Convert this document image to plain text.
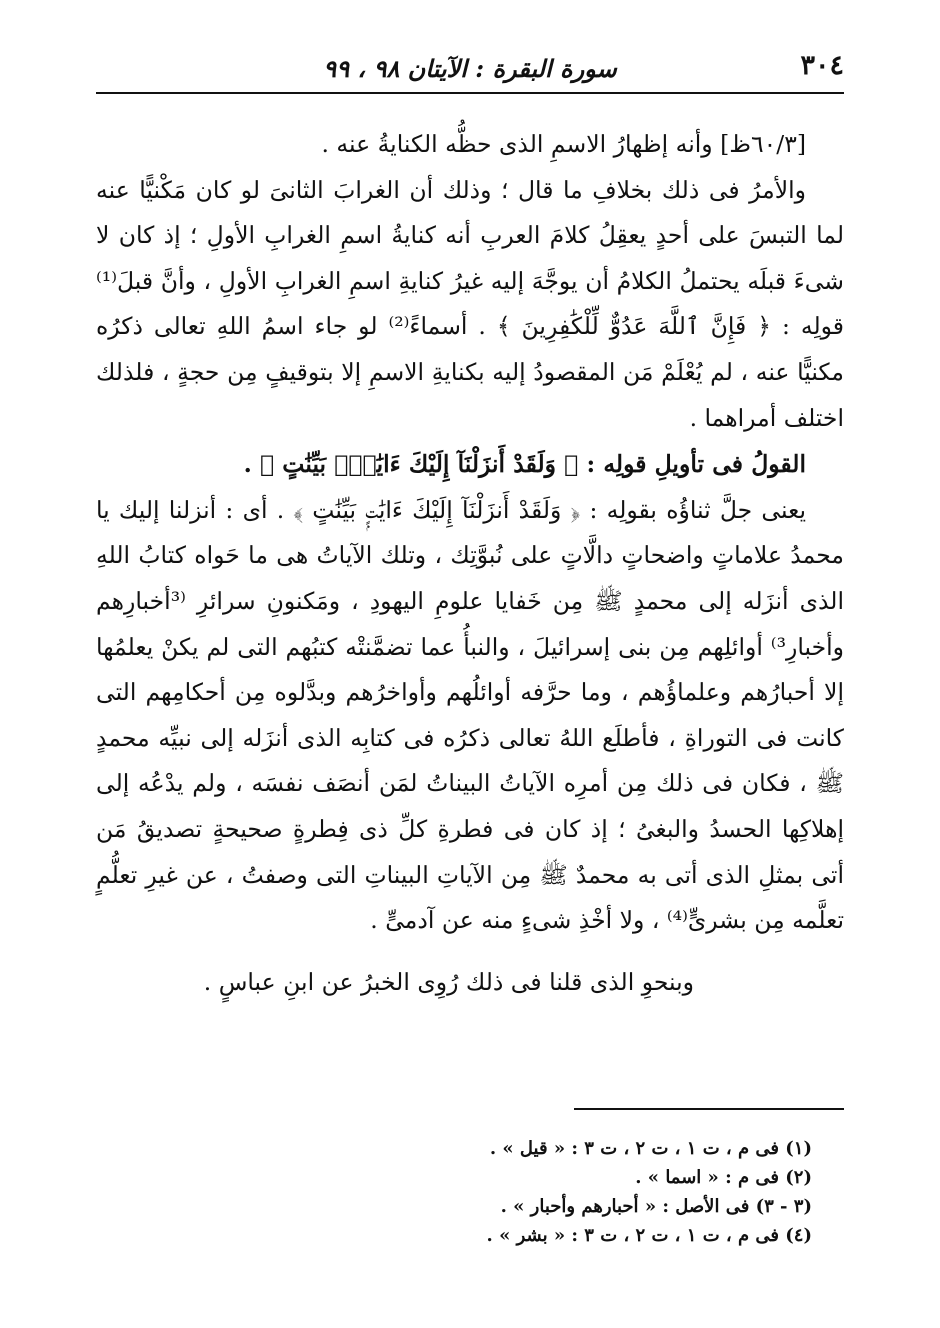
٣٠٤
سورة البقرة : الآيتان ٩٨ ، ٩٩

[٦٠/٣ظ] وأنه إظهارُ الاسمِ الذى حظُّه الكنايةُ عنه .

والأمرُ فى ذلك بخلافِ ما قال ؛ وذلك أن الغرابَ الثانىَ لو كان مَكْنيًّا عنه لما التبسَ على أحدٍ يعقِلُ كلامَ العربِ أنه كنايةُ اسمِ الغرابِ الأولِ ؛ إذ كان لا شىءَ قبلَه يحتملُ الكلامُ أن يوجَّهَ إليه غيرُ كنايةِ اسمِ الغرابِ الأولِ ، وأنَّ قبلَ⁽¹⁾ قولِه : ﴿ فَإِنَّ ٱللَّهَ عَدُوٌّ لِّلْكَٰفِرِينَ ﴾ . أسماءً⁽²⁾ لو جاء اسمُ اللهِ تعالى ذكرُه مكنيًّا عنه ، لم يُعْلَمْ مَن المقصودُ إليه بكنايةِ الاسمِ إلا بتوقيفٍ مِن حجةٍ ، فلذلك اختلف أمراهما .

القولُ فى تأويلِ قولِه : ﴿ وَلَقَدْ أَنزَلْنَآ إِلَيْكَ ءَايَٰتٍۭ بَيِّنَٰتٍ ﴾ .

يعنى جلَّ ثناؤُه بقولِه : ﴿ وَلَقَدْ أَنزَلْنَآ إِلَيْكَ ءَايَٰتٍۭ بَيِّنَٰتٍ ﴾ . أى : أنزلنا إليك يا محمدُ علاماتٍ واضحاتٍ دالَّاتٍ على نُبوَّتِك ، وتلك الآياتُ هى ما حَواه كتابُ اللهِ الذى أنزَله إلى محمدٍ ﷺ مِن خَفايا علومِ اليهودِ ، ومَكنونِ سرائرِ ⁽³أخبارِهم وأخبارِ³⁾ أوائلِهم مِن بنى إسرائيلَ ، والنبأُ عما تضمَّنتْه كتبُهم التى لم يكنْ يعلمُها إلا أحبارُهم وعلماؤُهم ، وما حرَّفه أوائلُهم وأواخرُهم وبدَّلوه مِن أحكامِهم التى كانت فى التوراةِ ، فأطلَع اللهُ تعالى ذكرُه فى كتابِه الذى أنزَله إلى نبيِّه محمدٍ ﷺ ، فكان فى ذلك مِن أمرِه الآياتُ البيناتُ لمَن أنصَف نفسَه ، ولم يدْعُه إلى إهلاكِها الحسدُ والبغىُ ؛ إذ كان فى فطرةِ كلِّ ذى فِطرةٍ صحيحةٍ تصديقُ مَن أتى بمثلِ الذى أتى به محمدٌ ﷺ مِن الآياتِ البيناتِ التى وصفتُ ، عن غيرِ تعلُّمٍ تعلَّمه مِن بشرىٍّ⁽⁴⁾ ، ولا أخْذِ شىءٍ منه عن آدمىٍّ .

وبنحوِ الذى قلنا فى ذلك رُوِى الخبرُ عن ابنِ عباسٍ .

(١) فى م ، ت ١ ، ت ٢ ، ت ٣ : « قيل » .
(٢) فى م : « اسما » .
(٣ - ٣) فى الأصل : « أحبارهم وأحبار » .
(٤) فى م ، ت ١ ، ت ٢ ، ت ٣ : « بشر » .
